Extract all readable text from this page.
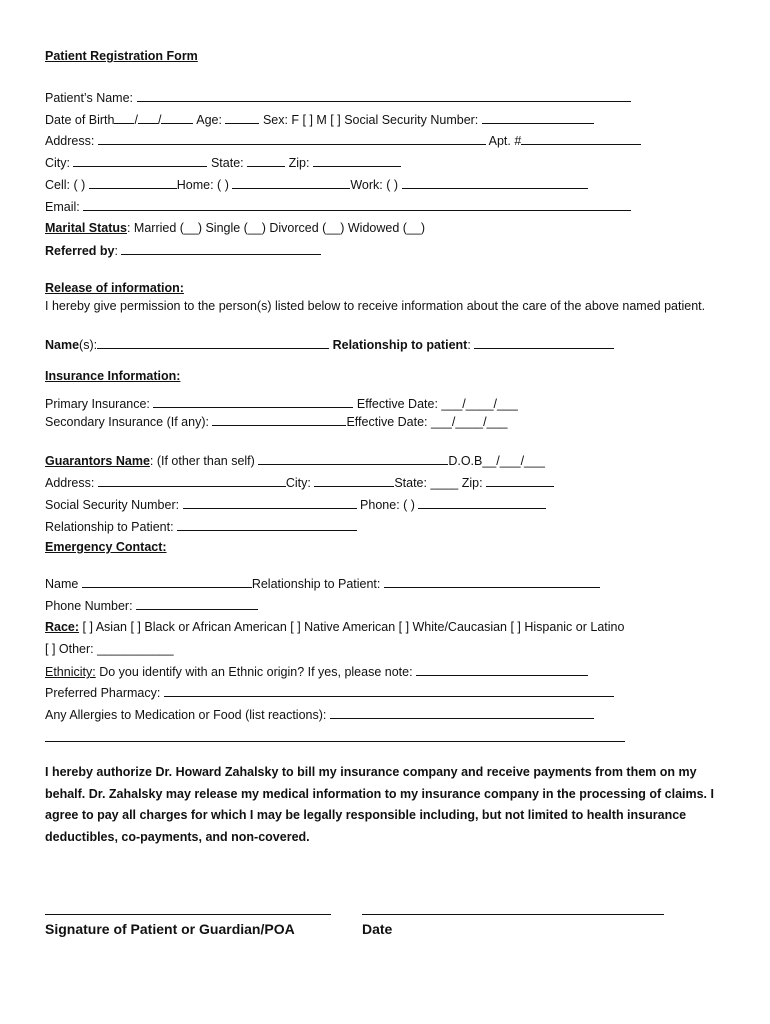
Patient Registration Form
Patient’s Name:
Date of Birth / /	Age:	Sex: F [ ] M [ ] Social Security Number:
Address:	Apt. #
City:	State:	Zip:
Cell: ( )	Home: ( )	Work: ( )
Email:
Marital Status: Married (__) Single (__) Divorced (__) Widowed (__)
Referred by:
Release of information:
I hereby give permission to the person(s) listed below to receive information about the care of the above named patient.
Name(s):	Relationship to patient:
Insurance Information:
Primary Insurance:	Effective Date: ___/____/___
Secondary Insurance (If any):	Effective Date: ___/____/___
Guarantors Name: (If other than self)	D.O.B__/___/___
Address:	City:	State: ____ Zip:
Social Security Number:	Phone: ( )
Relationship to Patient:
Emergency Contact:
Name	Relationship to Patient:
Phone Number:
Race: [ ] Asian [ ] Black or African American [ ] Native American [ ] White/Caucasian [ ] Hispanic or Latino
[ ] Other: ___________
Ethnicity: Do you identify with an Ethnic origin? If yes, please note:
Preferred Pharmacy:
Any Allergies to Medication or Food (list reactions):
I hereby authorize Dr. Howard Zahalsky to bill my insurance company and receive payments from them on my behalf. Dr. Zahalsky may release my medical information to my insurance company in the processing of claims. I agree to pay all charges for which I may be legally responsible including, but not limited to health insurance deductibles, co-payments, and non-covered.
Signature of Patient or Guardian/POA	Date
